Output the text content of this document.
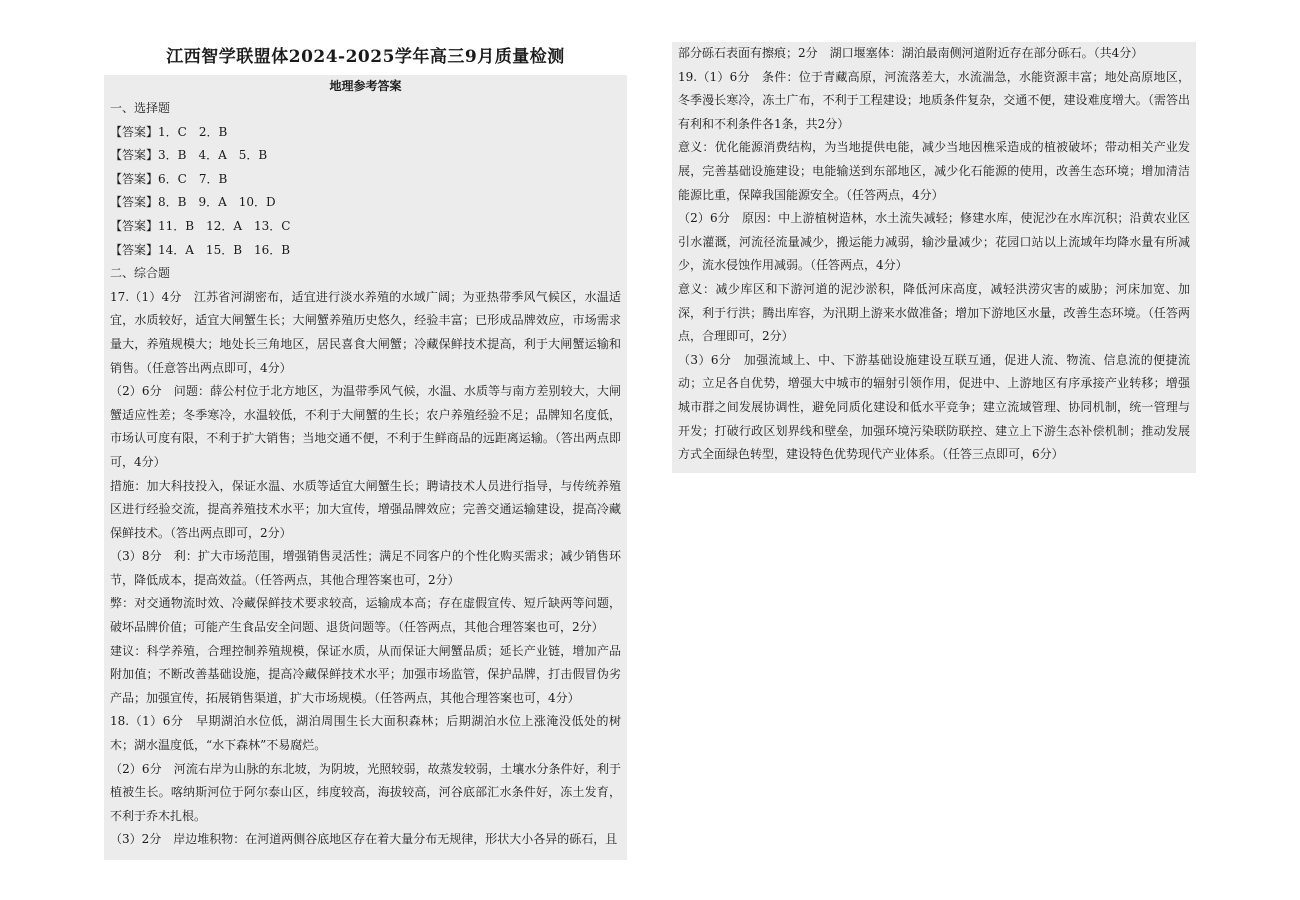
江西智学联盟体2024-2025学年高三9月质量检测
地理参考答案
一、选择题
【答案】1．C　2．B
【答案】3．B　4．A　5．B
【答案】6．C　7．B
【答案】8．B　9．A　10．D
【答案】11．B　12．A　13．C
【答案】14．A　15．B　16．B
二、综合题

17.（1）4分　江苏省河湖密布，适宜进行淡水养殖的水域广阔；为亚热带季风气候区，水温适宜，水质较好，适宜大闸蟹生长；大闸蟹养殖历史悠久，经验丰富；已形成品牌效应，市场需求量大，养殖规模大；地处长三角地区，居民喜食大闸蟹；冷藏保鲜技术提高，利于大闸蟹运输和销售。（任意答出两点即可，4分）

（2）6分　问题：薛公村位于北方地区，为温带季风气候，水温、水质等与南方差别较大，大闸蟹适应性差；冬季寒冷，水温较低，不利于大闸蟹的生长；农户养殖经验不足；品牌知名度低，市场认可度有限，不利于扩大销售；当地交通不便，不利于生鲜商品的远距离运输。（答出两点即可，4分）

措施：加大科技投入，保证水温、水质等适宜大闸蟹生长；聘请技术人员进行指导，与传统养殖区进行经验交流，提高养殖技术水平；加大宣传，增强品牌效应；完善交通运输建设，提高冷藏保鲜技术。（答出两点即可，2分）

（3）8分　利：扩大市场范围，增强销售灵活性；满足不同客户的个性化购买需求；减少销售环节，降低成本，提高效益。（任答两点，其他合理答案也可，2分）

弊：对交通物流时效、冷藏保鲜技术要求较高，运输成本高；存在虚假宣传、短斤缺两等问题，破坏品牌价值；可能产生食品安全问题、退货问题等。（任答两点，其他合理答案也可，2分）

建议：科学养殖，合理控制养殖规模，保证水质，从而保证大闸蟹品质；延长产业链，增加产品附加值；不断改善基础设施，提高冷藏保鲜技术水平；加强市场监管，保护品牌，打击假冒伪劣产品；加强宣传，拓展销售渠道，扩大市场规模。（任答两点，其他合理答案也可，4分）

18.（1）6分　早期湖泊水位低，湖泊周围生长大面积森林；后期湖泊水位上涨淹没低处的树木；湖水温度低，“水下森林”不易腐烂。

（2）6分　河流右岸为山脉的东北坡，为阴坡，光照较弱，故蒸发较弱，土壤水分条件好，利于植被生长。喀纳斯河位于阿尔泰山区，纬度较高，海拔较高，河谷底部汇水条件好，冻土发育，不利于乔木扎根。

（3）2分　岸边堆积物：在河道两侧谷底地区存在着大量分布无规律，形状大小各异的砾石，且

部分砾石表面有擦痕；2分　湖口堰塞体：湖泊最南侧河道附近存在部分砾石。（共4分）

19.（1）6分　条件：位于青藏高原，河流落差大，水流湍急，水能资源丰富；地处高原地区，冬季漫长寒冷，冻土广布，不利于工程建设；地质条件复杂，交通不便，建设难度增大。（需答出有利和不利条件各1条，共2分）

意义：优化能源消费结构，为当地提供电能，减少当地因樵采造成的植被破坏；带动相关产业发展，完善基础设施建设；电能输送到东部地区，减少化石能源的使用，改善生态环境；增加清洁能源比重，保障我国能源安全。（任答两点，4分）

（2）6分　原因：中上游植树造林，水土流失减轻；修建水库，使泥沙在水库沉积；沿黄农业区引水灌溉，河流径流量减少，搬运能力减弱，输沙量减少；花园口站以上流域年均降水量有所减少，流水侵蚀作用减弱。（任答两点，4分）

意义：减少库区和下游河道的泥沙淤积，降低河床高度，减轻洪涝灾害的威胁；河床加宽、加深，利于行洪；腾出库容，为汛期上游来水做准备；增加下游地区水量，改善生态环境。（任答两点，合理即可，2分）

（3）6分　加强流域上、中、下游基础设施建设互联互通，促进人流、物流、信息流的便捷流动；立足各自优势，增强大中城市的辐射引领作用，促进中、上游地区有序承接产业转移；增强城市群之间发展协调性，避免同质化建设和低水平竞争；建立流域管理、协同机制，统一管理与开发；打破行政区划界线和壁垒，加强环境污染联防联控、建立上下游生态补偿机制；推动发展方式全面绿色转型，建设特色优势现代产业体系。（任答三点即可，6分）
